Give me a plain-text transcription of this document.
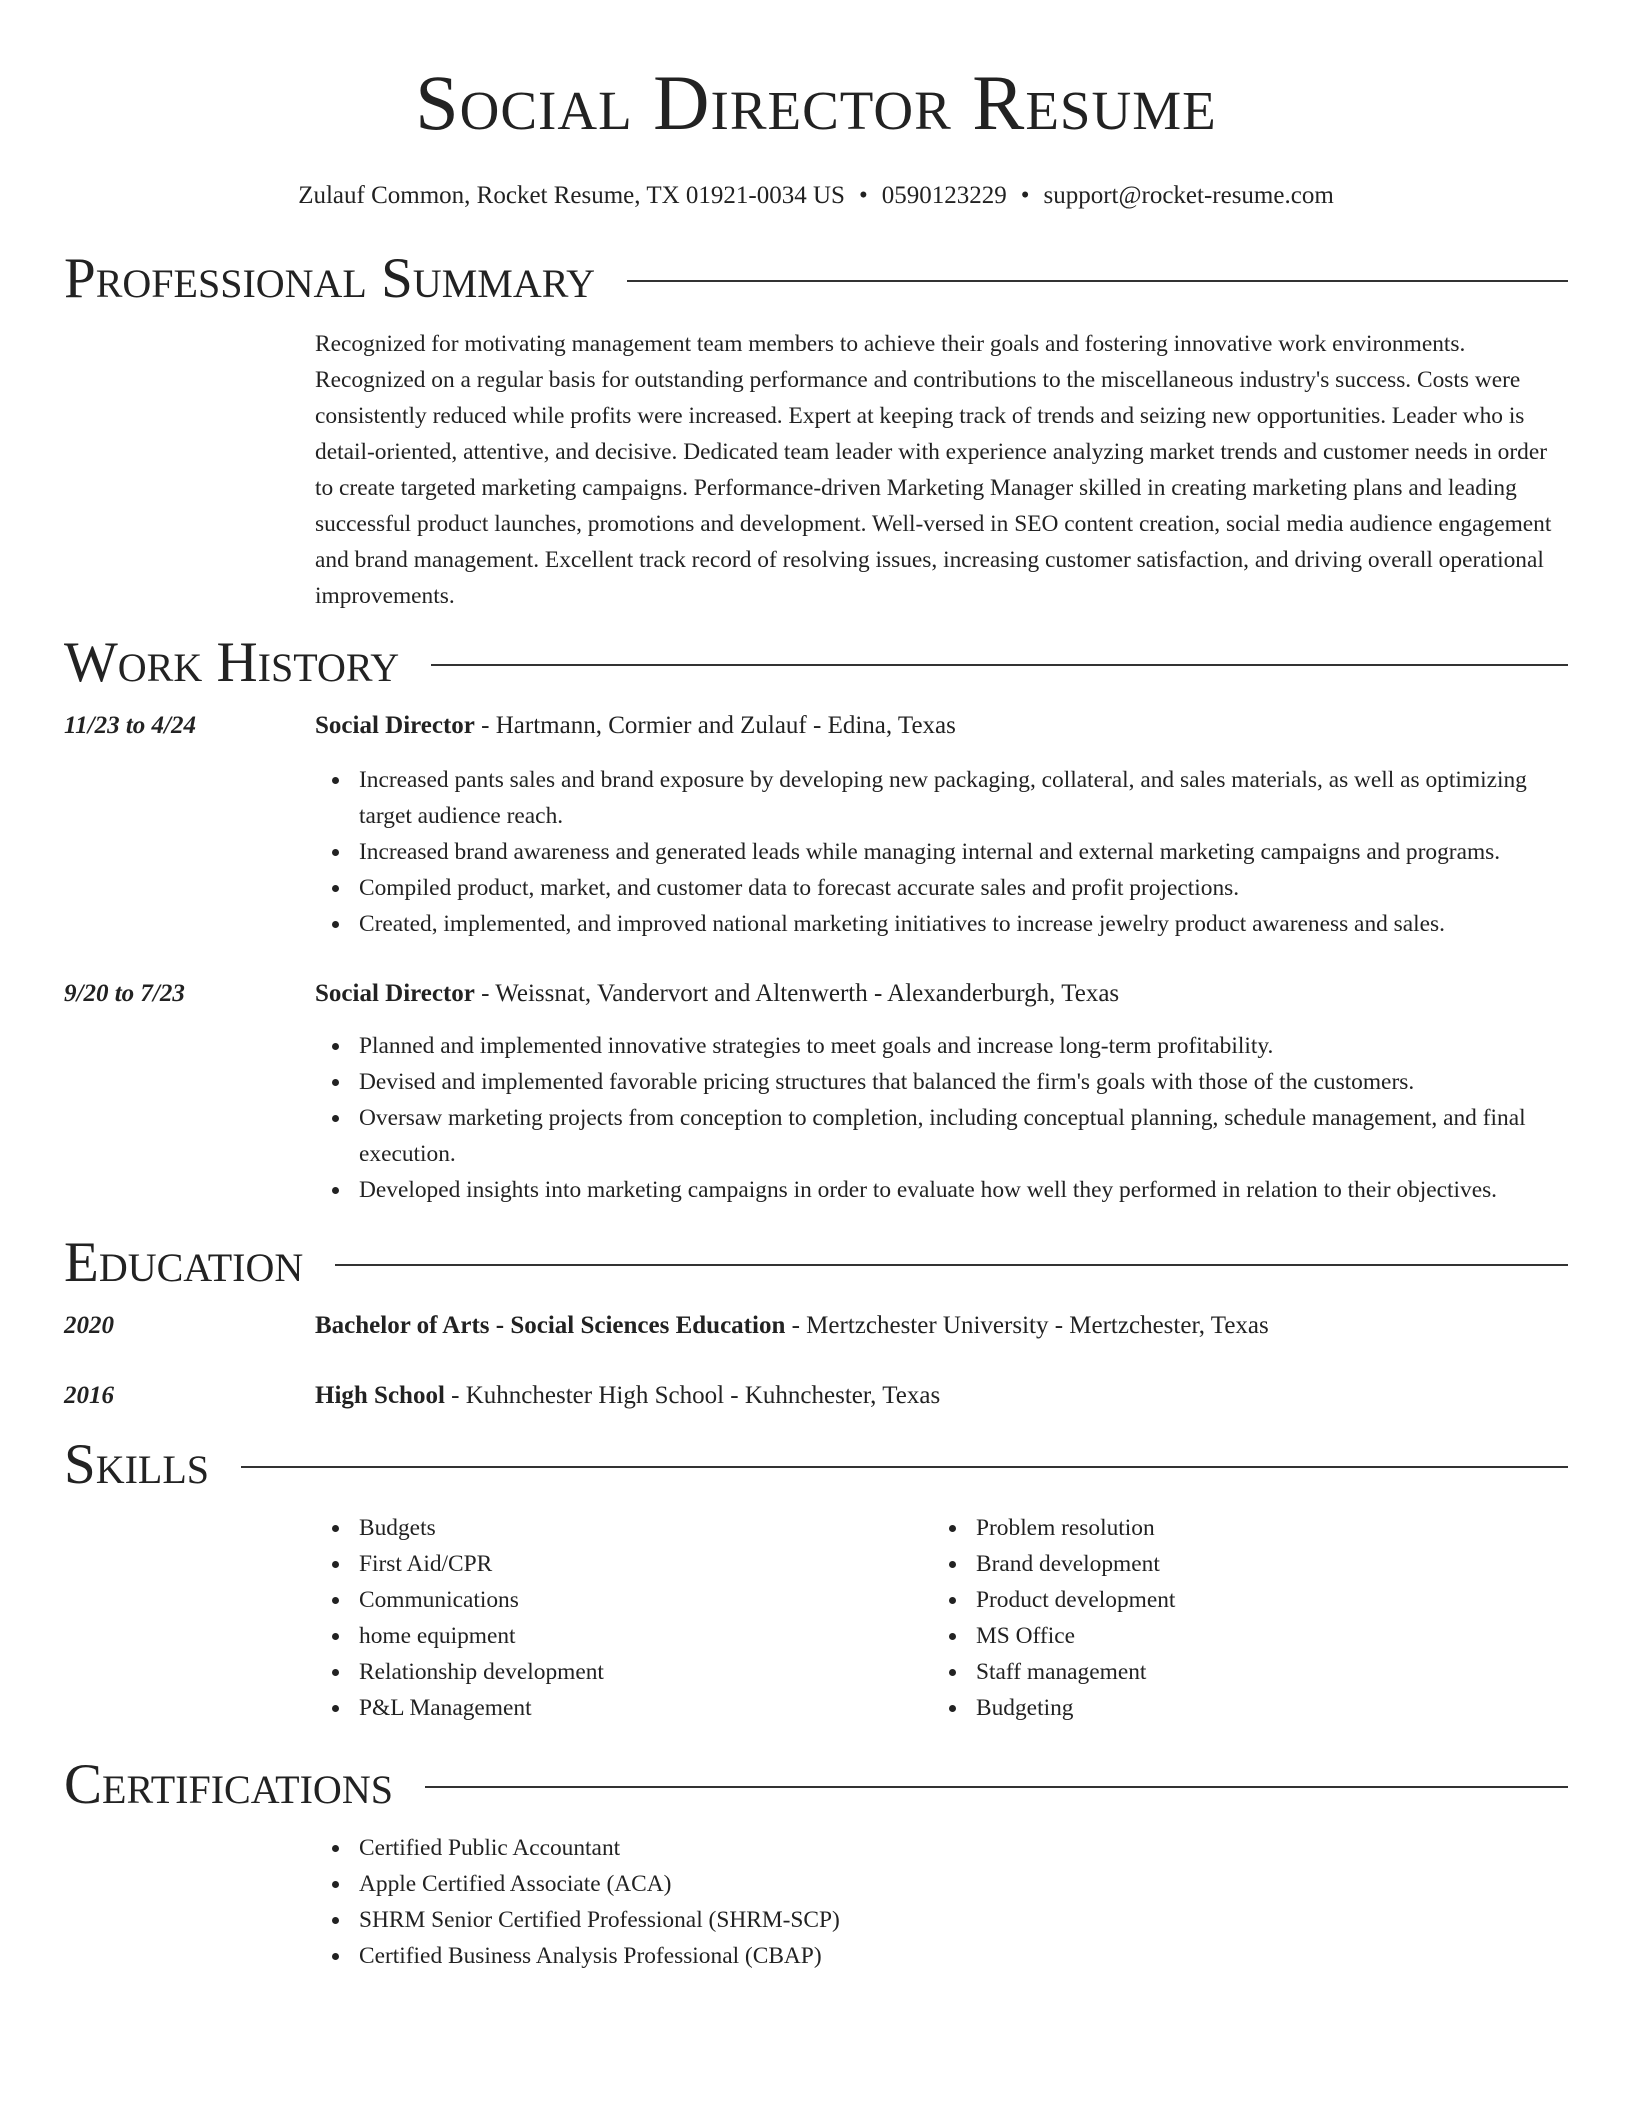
Social Director Resume
Zulauf Common, Rocket Resume, TX 01921-0034 US • 0590123229 • support@rocket-resume.com
Professional Summary

Recognized for motivating management team members to achieve their goals and fostering innovative work environments. Recognized on a regular basis for outstanding performance and contributions to the miscellaneous industry's success. Costs were consistently reduced while profits were increased. Expert at keeping track of trends and seizing new opportunities. Leader who is detail-oriented, attentive, and decisive. Dedicated team leader with experience analyzing market trends and customer needs in order to create targeted marketing campaigns. Performance-driven Marketing Manager skilled in creating marketing plans and leading successful product launches, promotions and development. Well-versed in SEO content creation, social media audience engagement and brand management. Excellent track record of resolving issues, increasing customer satisfaction, and driving overall operational improvements.

Work History
11/23 to 4/24	Social Director - Hartmann, Cormier and Zulauf - Edina, Texas
Increased pants sales and brand exposure by developing new packaging, collateral, and sales materials, as well as optimizing target audience reach.
Increased brand awareness and generated leads while managing internal and external marketing campaigns and programs.
Compiled product, market, and customer data to forecast accurate sales and profit projections.
Created, implemented, and improved national marketing initiatives to increase jewelry product awareness and sales.
9/20 to 7/23	Social Director - Weissnat, Vandervort and Altenwerth - Alexanderburgh, Texas
Planned and implemented innovative strategies to meet goals and increase long-term profitability.
Devised and implemented favorable pricing structures that balanced the firm's goals with those of the customers.
Oversaw marketing projects from conception to completion, including conceptual planning, schedule management, and final execution.
Developed insights into marketing campaigns in order to evaluate how well they performed in relation to their objectives.
Education
2020	Bachelor of Arts - Social Sciences Education - Mertzchester University - Mertzchester, Texas
2016	High School - Kuhnchester High School - Kuhnchester, Texas
Skills
Budgets
First Aid/CPR
Communications
home equipment
Relationship development
P&L Management
Problem resolution
Brand development
Product development
MS Office
Staff management
Budgeting
Certifications
Certified Public Accountant
Apple Certified Associate (ACA)
SHRM Senior Certified Professional (SHRM-SCP)
Certified Business Analysis Professional (CBAP)
